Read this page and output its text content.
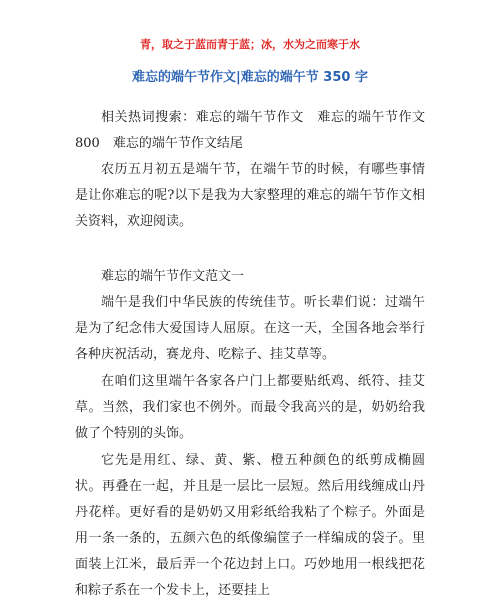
青，取之于蓝而青于蓝；冰，水为之而寒于水
难忘的端午节作文|难忘的端午节 350 字
相关热词搜索：难忘的端午节作文　难忘的端午节作文 800　难忘的端午节作文结尾
农历五月初五是端午节，在端午节的时候，有哪些事情是让你难忘的呢?以下是我为大家整理的难忘的端午节作文相关资料，欢迎阅读。
难忘的端午节作文范文一
端午是我们中华民族的传统佳节。听长辈们说：过端午是为了纪念伟大爱国诗人屈原。在这一天，全国各地会举行各种庆祝活动，赛龙舟、吃粽子、挂艾草等。
在咱们这里端午各家各户门上都要贴纸鸡、纸符、挂艾草。当然，我们家也不例外。而最令我高兴的是，奶奶给我做了个特别的头饰。
它先是用红、绿、黄、紫、橙五种颜色的纸剪成椭圆状。再叠在一起，并且是一层比一层短。然后用线缠成山丹丹花样。更好看的是奶奶又用彩纸给我粘了个粽子。外面是用一条一条的，五颜六色的纸像编筐子一样编成的袋子。里面装上江米，最后弄一个花边封上口。巧妙地用一根线把花和粽子系在一个发卡上，还要挂上
